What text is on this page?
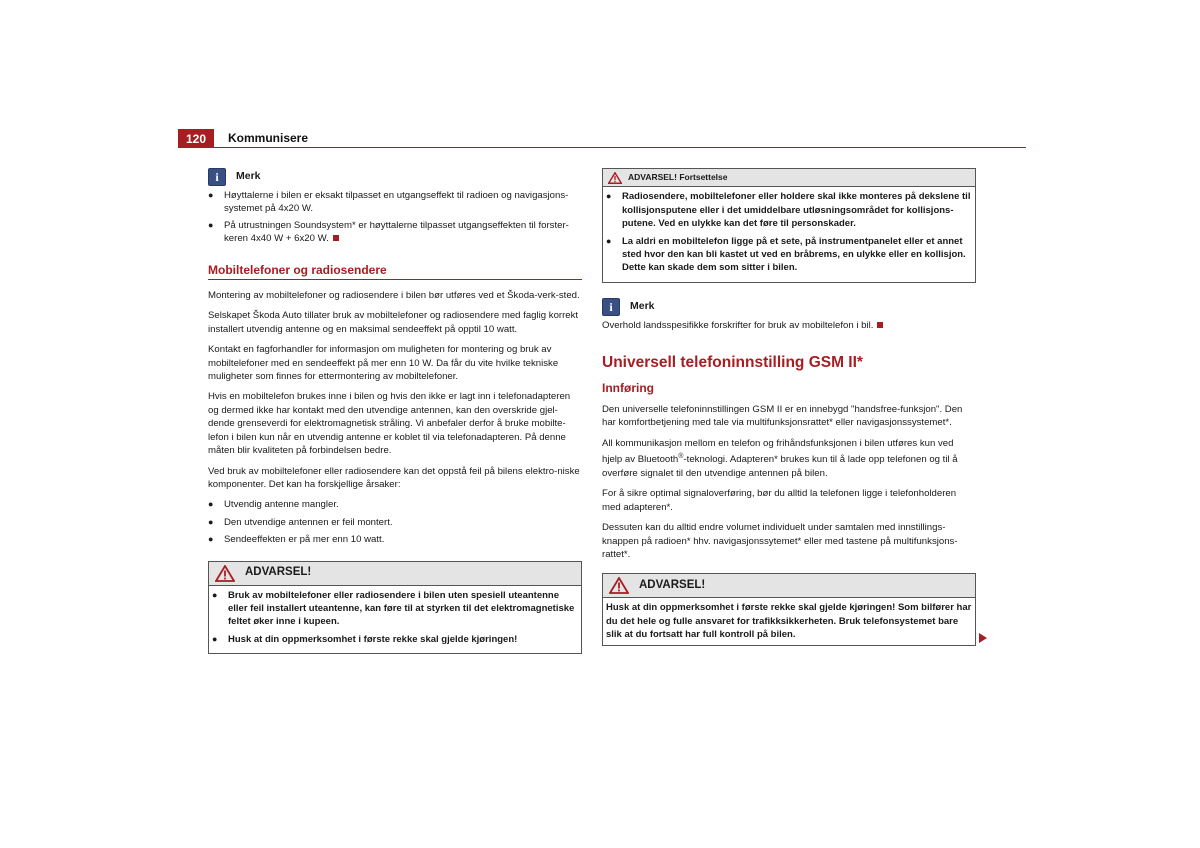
120	Kommunisere
i	Merk
●	Høyttalerne i bilen er eksakt tilpasset en utgangseffekt til radioen og navigasjons-systemet på 4x20 W.
●	På utrustningen Soundsystem* er høyttalerne tilpasset utgangseffekten til forster-keren 4x40 W + 6x20 W.
Mobiltelefoner og radiosendere

Montering av mobiltelefoner og radiosendere i bilen bør utføres ved et Škoda-verk-sted.

Selskapet Škoda Auto tillater bruk av mobiltelefoner og radiosendere med faglig korrekt installert utvendig antenne og en maksimal sendeeffekt på opptil 10 watt.

Kontakt en fagforhandler for informasjon om muligheten for montering og bruk av mobiltelefoner med en sendeeffekt på mer enn 10 W. Da får du vite hvilke tekniske muligheter som finnes for ettermontering av mobiltelefoner.

Hvis en mobiltelefon brukes inne i bilen og hvis den ikke er lagt inn i telefonadapteren og dermed ikke har kontakt med den utvendige antennen, kan den overskride gjel-dende grenseverdi for elektromagnetisk stråling. Vi anbefaler derfor å bruke mobilte-lefon i bilen kun når en utvendig antenne er koblet til via telefonadapteren. På denne måten blir kvaliteten på forbindelsen bedre.

Ved bruk av mobiltelefoner eller radiosendere kan det oppstå feil på bilens elektro-niske komponenter. Det kan ha forskjellige årsaker:

●	Utvendig antenne mangler.
●	Den utvendige antennen er feil montert.
●	Sendeeffekten er på mer enn 10 watt.
ADVARSEL!
●	Bruk av mobiltelefoner eller radiosendere i bilen uten spesiell uteantenne eller feil installert uteantenne, kan føre til at styrken til det elektromagnetiske feltet øker inne i kupeen.
●	Husk at din oppmerksomhet i første rekke skal gjelde kjøringen!
ADVARSEL! Fortsettelse
●	Radiosendere, mobiltelefoner eller holdere skal ikke monteres på dekslene til kollisjonsputene eller i det umiddelbare utløsningsområdet for kollisjons-putene. Ved en ulykke kan det føre til personskader.
●	La aldri en mobiltelefon ligge på et sete, på instrumentpanelet eller et annet sted hvor den kan bli kastet ut ved en bråbrems, en ulykke eller en kollisjon. Dette kan skade dem som sitter i bilen.
i	Merk
Overhold landsspesifikke forskrifter for bruk av mobiltelefon i bil.
Universell telefoninnstilling GSM II*
Innføring

Den universelle telefoninnstillingen GSM II er en innebygd "handsfree-funksjon". Den har komfortbetjening med tale via multifunksjonsrattet* eller navigasjonssystemet*.

All kommunikasjon mellom en telefon og frihåndsfunksjonen i bilen utføres kun ved hjelp av Bluetooth®-teknologi. Adapteren* brukes kun til å lade opp telefonen og til å overføre signalet til den utvendige antennen på bilen.

For å sikre optimal signaloverføring, bør du alltid la telefonen ligge i telefonholderen med adapteren*.

Dessuten kan du alltid endre volumet individuelt under samtalen med innstillings-knappen på radioen* hhv. navigasjonssytemet* eller med tastene på multifunksjons-rattet*.

ADVARSEL!
Husk at din oppmerksomhet i første rekke skal gjelde kjøringen! Som bilfører har du det hele og fulle ansvaret for trafikksikkerheten. Bruk telefonsystemet bare slik at du fortsatt har full kontroll på bilen.
